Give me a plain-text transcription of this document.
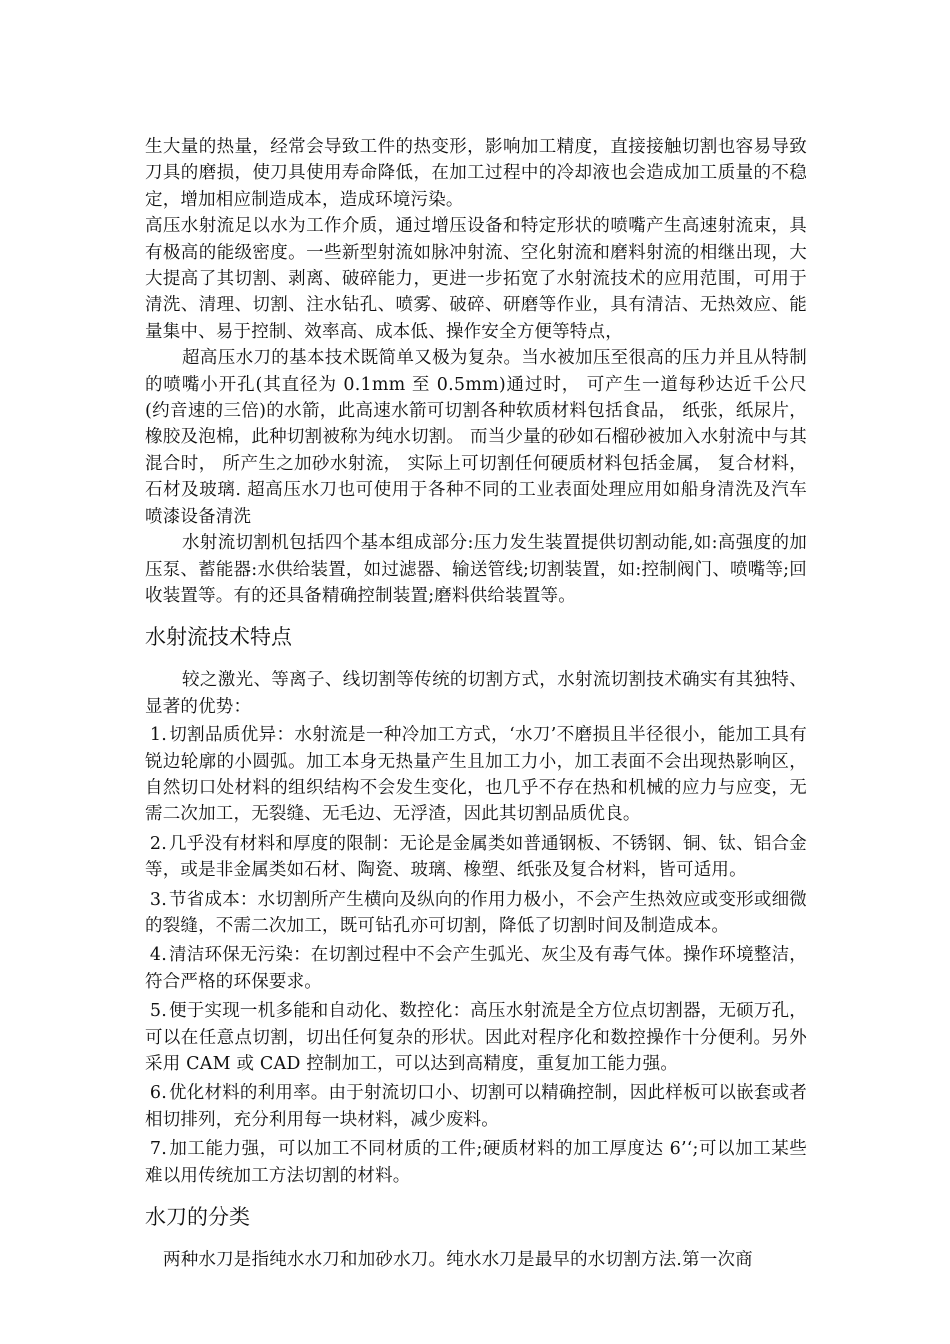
生大量的热量，经常会导致工件的热变形，影响加工精度，直接接触切割也容易导致刀具的磨损，使刀具使用寿命降低，在加工过程中的冷却液也会造成加工质量的不稳定，增加相应制造成本，造成环境污染。

高压水射流足以水为工作介质，通过增压设备和特定形状的喷嘴产生高速射流束，具有极高的能级密度。一些新型射流如脉冲射流、空化射流和磨料射流的相继出现，大大提高了其切割、剥离、破碎能力，更进一步拓宽了水射流技术的应用范围，可用于清洗、清理、切割、注水钻孔、喷雾、破碎、研磨等作业，具有清洁、无热效应、能量集中、易于控制、效率高、成本低、操作安全方便等特点，

超高压水刀的基本技术既简单又极为复杂。当水被加压至很高的压力并且从特制的喷嘴小开孔(其直径为 0.1mm 至 0.5mm)通过时， 可产生一道每秒达近千公尺(约音速的三倍)的水箭，此高速水箭可切割各种软质材料包括食品， 纸张，纸尿片， 橡胶及泡棉，此种切割被称为纯水切割。 而当少量的砂如石榴砂被加入水射流中与其混合时， 所产生之加砂水射流， 实际上可切割任何硬质材料包括金属， 复合材料， 石材及玻璃. 超高压水刀也可使用于各种不同的工业表面处理应用如船身清洗及汽车喷漆设备清洗

水射流切割机包括四个基本组成部分:压力发生装置提供切割动能,如:高强度的加压泵、蓄能器:水供给装置，如过滤器、输送管线;切割装置，如:控制阀门、喷嘴等;回收装置等。有的还具备精确控制装置;磨料供给装置等。

水射流技术特点

较之激光、等离子、线切割等传统的切割方式，水射流切割技术确实有其独特、显著的优势：

1. 切割品质优异：水射流是一种冷加工方式，‘水刀’不磨损且半径很小，能加工具有锐边轮廓的小圆弧。加工本身无热量产生且加工力小，加工表面不会出现热影响区，自然切口处材料的组织结构不会发生变化，也几乎不存在热和机械的应力与应变，无需二次加工，无裂缝、无毛边、无浮渣，因此其切割品质优良。

2. 几乎没有材料和厚度的限制：无论是金属类如普通钢板、不锈钢、铜、钛、铝合金等，或是非金属类如石材、陶瓷、玻璃、橡塑、纸张及复合材料，皆可适用。

3. 节省成本：水切割所产生横向及纵向的作用力极小，不会产生热效应或变形或细微的裂缝，不需二次加工，既可钻孔亦可切割，降低了切割时间及制造成本。

4. 清洁环保无污染：在切割过程中不会产生弧光、灰尘及有毒气体。操作环境整洁，符合严格的环保要求。

5. 便于实现一机多能和自动化、数控化：高压水射流是全方位点切割器，无硕万孔，可以在任意点切割，切出任何复杂的形状。因此对程序化和数控操作十分便利。另外采用 CAM 或 CAD 控制加工，可以达到高精度，重复加工能力强。

6. 优化材料的利用率。由于射流切口小、切割可以精确控制，因此样板可以嵌套或者相切排列，充分利用每一块材料，减少废料。

7. 加工能力强，可以加工不同材质的工件;硬质材料的加工厚度达 6’‘;可以加工某些难以用传统加工方法切割的材料。

水刀的分类

两种水刀是指纯水水刀和加砂水刀。纯水水刀是最早的水切割方法.第一次商
